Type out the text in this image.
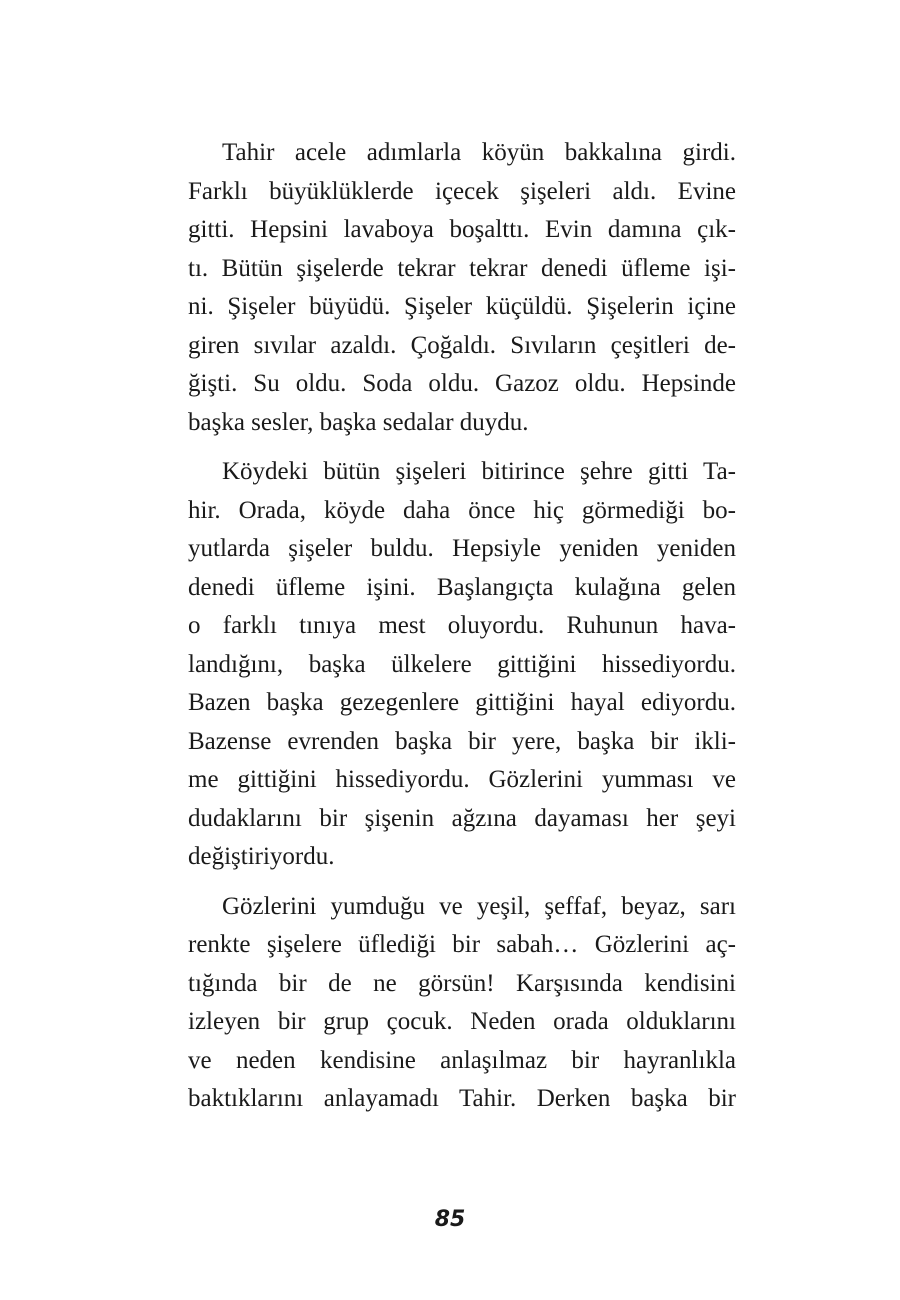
Tahir acele adımlarla köyün bakkalına girdi.
Farklı büyüklüklerde içecek şişeleri aldı. Evine
gitti. Hepsini lavaboya boşalttı. Evin damına çık-
tı. Bütün şişelerde tekrar tekrar denedi üfleme işi-
ni. Şişeler büyüdü. Şişeler küçüldü. Şişelerin içine
giren sıvılar azaldı. Çoğaldı. Sıvıların çeşitleri de-
ğişti. Su oldu. Soda oldu. Gazoz oldu. Hepsinde
başka sesler, başka sedalar duydu.
Köydeki bütün şişeleri bitirince şehre gitti Ta-
hir. Orada, köyde daha önce hiç görmediği bo-
yutlarda şişeler buldu. Hepsiyle yeniden yeniden
denedi üfleme işini. Başlangıçta kulağına gelen
o farklı tınıya mest oluyordu. Ruhunun hava-
landığını, başka ülkelere gittiğini hissediyordu.
Bazen başka gezegenlere gittiğini hayal ediyordu.
Bazense evrenden başka bir yere, başka bir ikli-
me gittiğini hissediyordu. Gözlerini yumması ve
dudaklarını bir şişenin ağzına dayaması her şeyi
değiştiriyordu.
Gözlerini yumduğu ve yeşil, şeffaf, beyaz, sarı
renkte şişelere üflediği bir sabah… Gözlerini aç-
tığında bir de ne görsün! Karşısında kendisini
izleyen bir grup çocuk. Neden orada olduklarını
ve neden kendisine anlaşılmaz bir hayranlıkla
baktıklarını anlayamadı Tahir. Derken başka bir
85
